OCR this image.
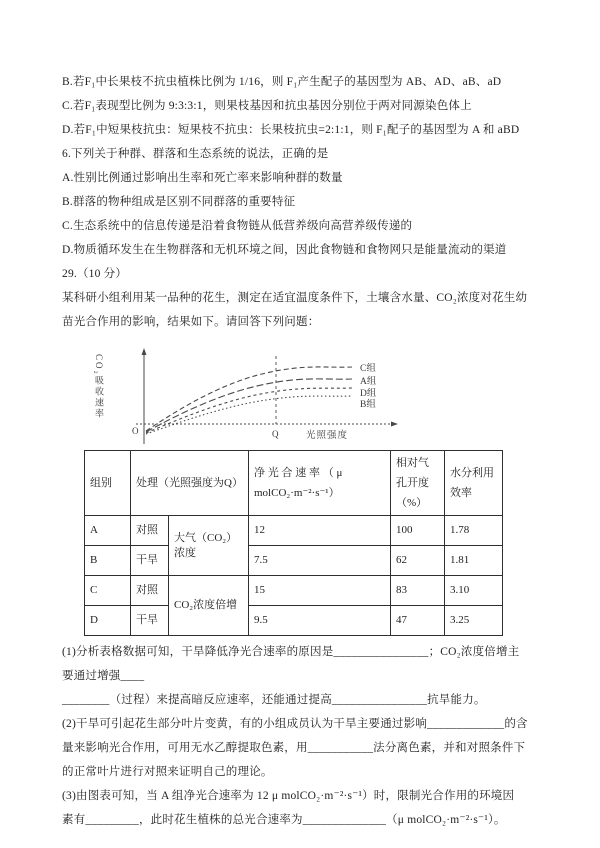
B.若F₁中长果枝不抗虫植株比例为 1/16，则 F₁产生配子的基因型为 AB、AD、aB、aD
C.若F₁表现型比例为 9:3:3:1，则果枝基因和抗虫基因分别位于两对同源染色体上
D.若F₁中短果枝抗虫：短果枝不抗虫：长果枝抗虫=2:1:1，则 F₁配子的基因型为 A 和 aBD
6.下列关于种群、群落和生态系统的说法，正确的是
A.性别比例通过影响出生率和死亡率来影响种群的数量
B.群落的物种组成是区别不同群落的重要特征
C.生态系统中的信息传递是沿着食物链从低营养级向高营养级传递的
D.物质循环发生在生物群落和无机环境之间，因此食物链和食物网只是能量流动的渠道
29.（10 分）
某科研小组利用某一品种的花生，测定在适宜温度条件下，土壤含水量、CO₂浓度对花生幼
苗光合作用的影响，结果如下。请回答下列问题：
CO₂吸收速率
O	Q	光照强度
C组
A组
D组
B组
组别	处理（光照强度为Q）		净 光 合 速 率 （ μ molCO₂·m⁻²·s⁻¹）	相对气孔开度（%）	水分利用效率
A	对照	大气（CO₂）浓度	12	100	1.78
B	干旱		7.5	62	1.81
C	对照	CO₂浓度倍增	15	83	3.10
D	干旱		9.5	47	3.25
(1)分析表格数据可知，干旱降低净光合速率的原因是________________；CO₂浓度倍增主
要通过增强____
________（过程）来提高暗反应速率，还能通过提高________________抗旱能力。
(2)干旱可引起花生部分叶片变黄，有的小组成员认为干旱主要通过影响_____________的含
量来影响光合作用，可用无水乙醇提取色素，用___________法分离色素，并和对照条件下
的正常叶片进行对照来证明自己的理论。
(3)由图表可知，当 A 组净光合速率为 12 μ molCO₂·m⁻²·s⁻¹）时，限制光合作用的环境因
素有_________，此时花生植株的总光合速率为______________（μ molCO₂·m⁻²·s⁻¹）。
